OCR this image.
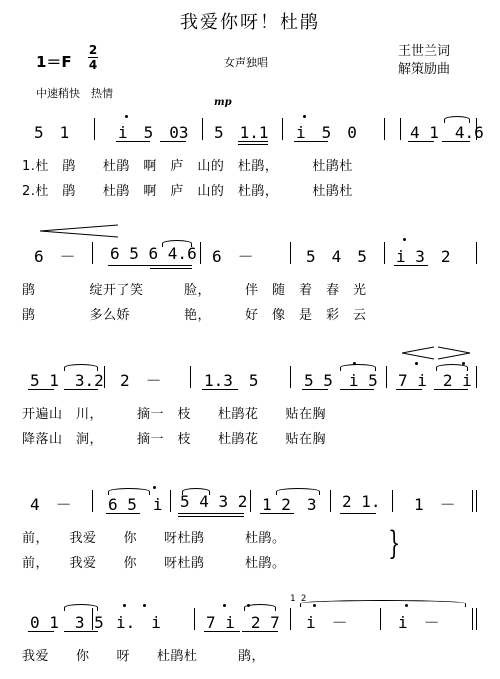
我爱你呀！杜鹃
1＝F
2
4	女声独唱
王世兰词
解策励曲
中速稍快　热情
mp
5　1	i　5　03 5　1.1 i　5　0	4 1　4.6
1.杜　鹃　　杜鹃　啊　庐　山的　杜鹃，　　　杜鹃杜
2.杜　鹃　　杜鹃　啊　庐　山的　杜鹃，　　　杜鹃杜
6　－ 6 5 6 4.6 6　－	5　4　5 i 3　2
鹃　　　　绽开了笑　　　脸，　　　伴　随　着　春　光
鹃　　　　多么娇　　　　艳，　　　好　像　是　彩　云
5 1　3.2 2　－	1.3　5	5 5　i 5 7 i　2 i
开遍山　川，　　　摘一　枝　　杜鹃花　　贴在胸
降落山　涧，　　　摘一　枝　　杜鹃花　　贴在胸
4　－ 6 5　i 5 4 3 2 1 2　3 2 1. 1　－
前，　　我爱　　你　　呀杜鹃　　　杜鹃。
前，　　我爱　　你　　呀杜鹃　　　杜鹃。
}
0 1　3 5 i.　i	7 i　2 7 i　－	i　－
1 2
我爱　　你　　呀　　杜鹃杜　　　鹃，
